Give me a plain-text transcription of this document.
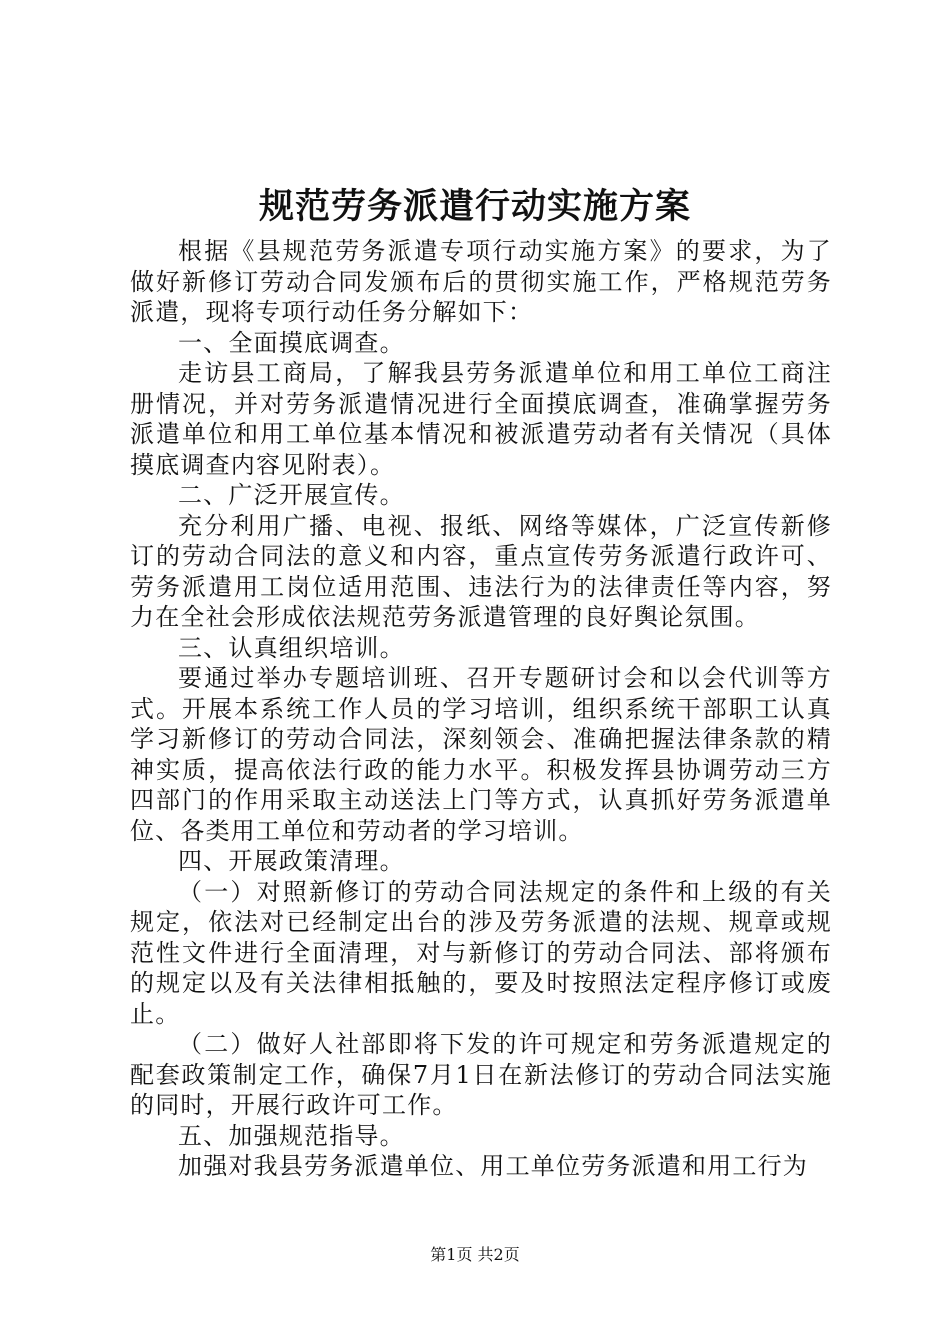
规范劳务派遣行动实施方案

根据《县规范劳务派遣专项行动实施方案》的要求，为了做好新修订劳动合同发颁布后的贯彻实施工作，严格规范劳务派遣，现将专项行动任务分解如下：

一、全面摸底调查。

走访县工商局，了解我县劳务派遣单位和用工单位工商注册情况，并对劳务派遣情况进行全面摸底调查，准确掌握劳务派遣单位和用工单位基本情况和被派遣劳动者有关情况（具体摸底调查内容见附表）。

二、广泛开展宣传。

充分利用广播、电视、报纸、网络等媒体，广泛宣传新修订的劳动合同法的意义和内容，重点宣传劳务派遣行政许可、劳务派遣用工岗位适用范围、违法行为的法律责任等内容，努力在全社会形成依法规范劳务派遣管理的良好舆论氛围。

三、认真组织培训。

要通过举办专题培训班、召开专题研讨会和以会代训等方式。开展本系统工作人员的学习培训，组织系统干部职工认真学习新修订的劳动合同法，深刻领会、准确把握法律条款的精神实质，提高依法行政的能力水平。积极发挥县协调劳动三方四部门的作用采取主动送法上门等方式，认真抓好劳务派遣单位、各类用工单位和劳动者的学习培训。

四、开展政策清理。

（一）对照新修订的劳动合同法规定的条件和上级的有关规定，依法对已经制定出台的涉及劳务派遣的法规、规章或规范性文件进行全面清理，对与新修订的劳动合同法、部将颁布的规定以及有关法律相抵触的，要及时按照法定程序修订或废止。

（二）做好人社部即将下发的许可规定和劳务派遣规定的配套政策制定工作，确保7月1日在新法修订的劳动合同法实施的同时，开展行政许可工作。

五、加强规范指导。

加强对我县劳务派遣单位、用工单位劳务派遣和用工行为

第1页 共2页
